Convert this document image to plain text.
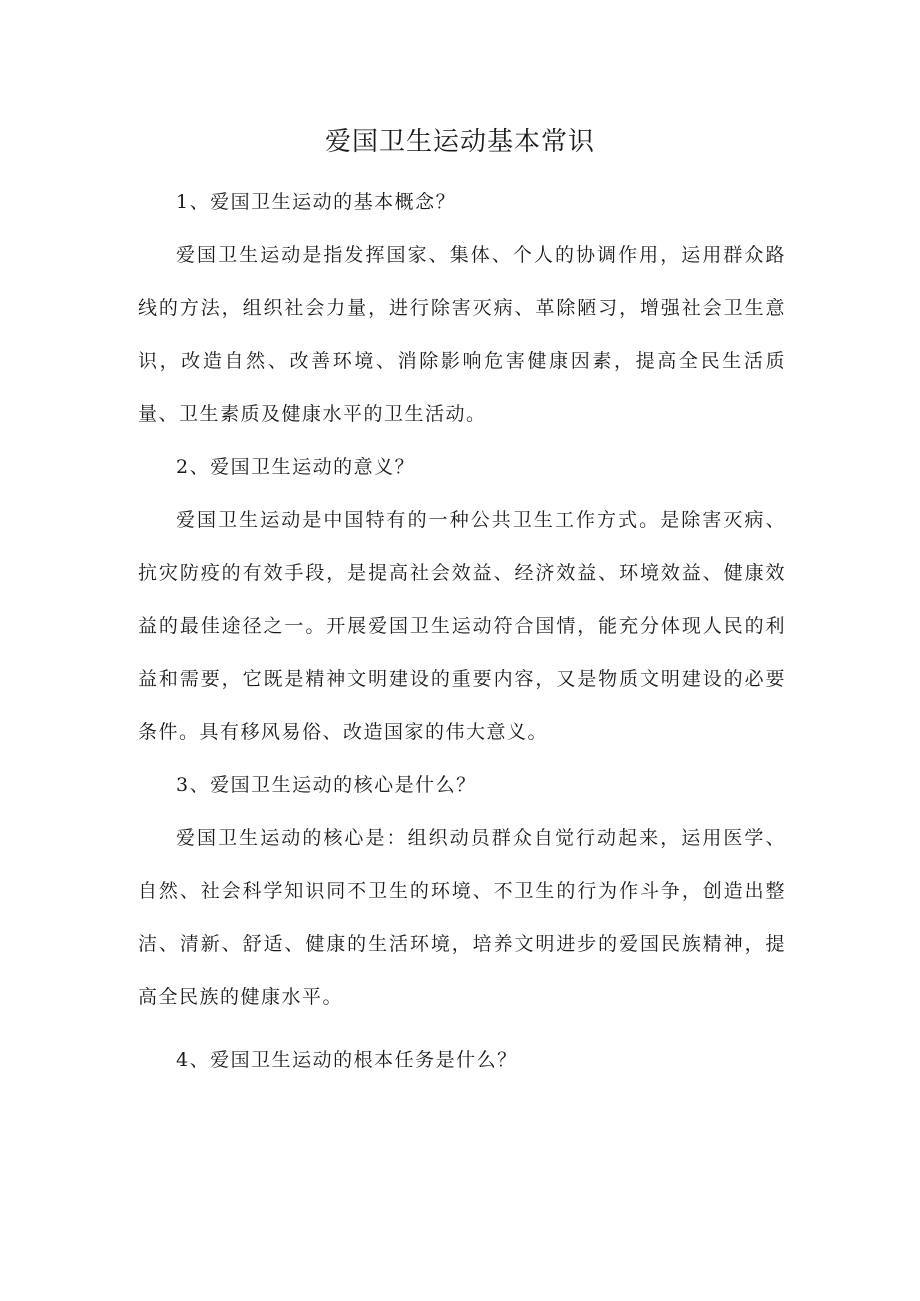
爱国卫生运动基本常识

1、爱国卫生运动的基本概念？

爱国卫生运动是指发挥国家、集体、个人的协调作用，运用群众路线的方法，组织社会力量，进行除害灭病、革除陋习，增强社会卫生意识，改造自然、改善环境、消除影响危害健康因素，提高全民生活质量、卫生素质及健康水平的卫生活动。

2、爱国卫生运动的意义？

爱国卫生运动是中国特有的一种公共卫生工作方式。是除害灭病、抗灾防疫的有效手段，是提高社会效益、经济效益、环境效益、健康效益的最佳途径之一。开展爱国卫生运动符合国情，能充分体现人民的利益和需要，它既是精神文明建设的重要内容，又是物质文明建设的必要条件。具有移风易俗、改造国家的伟大意义。

3、爱国卫生运动的核心是什么？

爱国卫生运动的核心是：组织动员群众自觉行动起来，运用医学、自然、社会科学知识同不卫生的环境、不卫生的行为作斗争，创造出整洁、清新、舒适、健康的生活环境，培养文明进步的爱国民族精神，提高全民族的健康水平。

4、爱国卫生运动的根本任务是什么？
